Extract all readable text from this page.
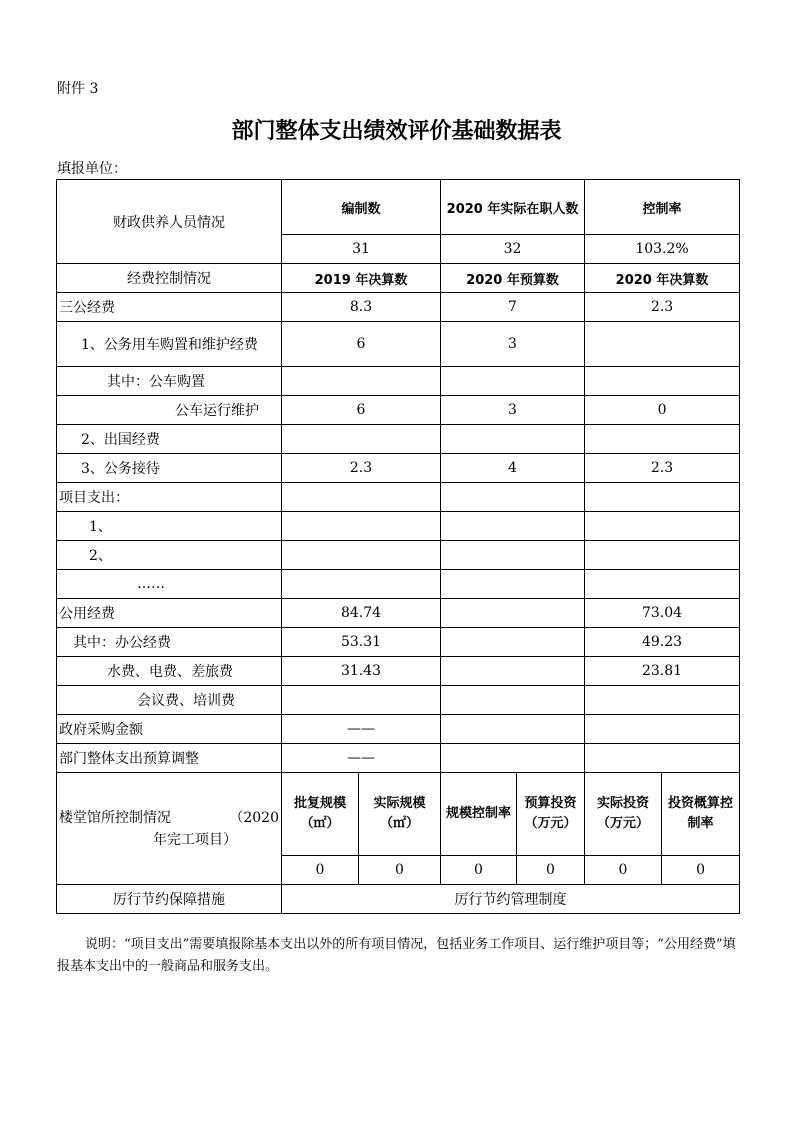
附件 3
部门整体支出绩效评价基础数据表
填报单位：
财政供养人员情况	编制数		2020 年实际在职人数		控制率	
	31		32		103.2%	
经费控制情况	2019 年决算数		2020 年预算数		2020 年决算数	
三公经费	8.3		7		2.3	
1、公务用车购置和维护经费	6		3			
其中：公车购置						
公车运行维护	6		3		0	
2、出国经费						
3、公务接待	2.3		4		2.3	
项目支出：						
1、						
2、						
……						
公用经费	84.74				73.04	
其中：办公经费	53.31				49.23	
水费、电费、差旅费	31.43				23.81	
会议费、培训费						
政府采购金额	——					
部门整体支出预算调整	——					

楼堂馆所控制情况 （2020
年完工项目）	批复规模（㎡）	实际规模（㎡）	规模控制率	预算投资（万元）	实际投资（万元）	投资概算控制率
	0	0	0	0	0	0
厉行节约保障措施	厉行节约管理制度					
说明：“项目支出”需要填报除基本支出以外的所有项目情况，包括业务工作项目、运行维护项目等；“公用经费”填报基本支出中的一般商品和服务支出。
